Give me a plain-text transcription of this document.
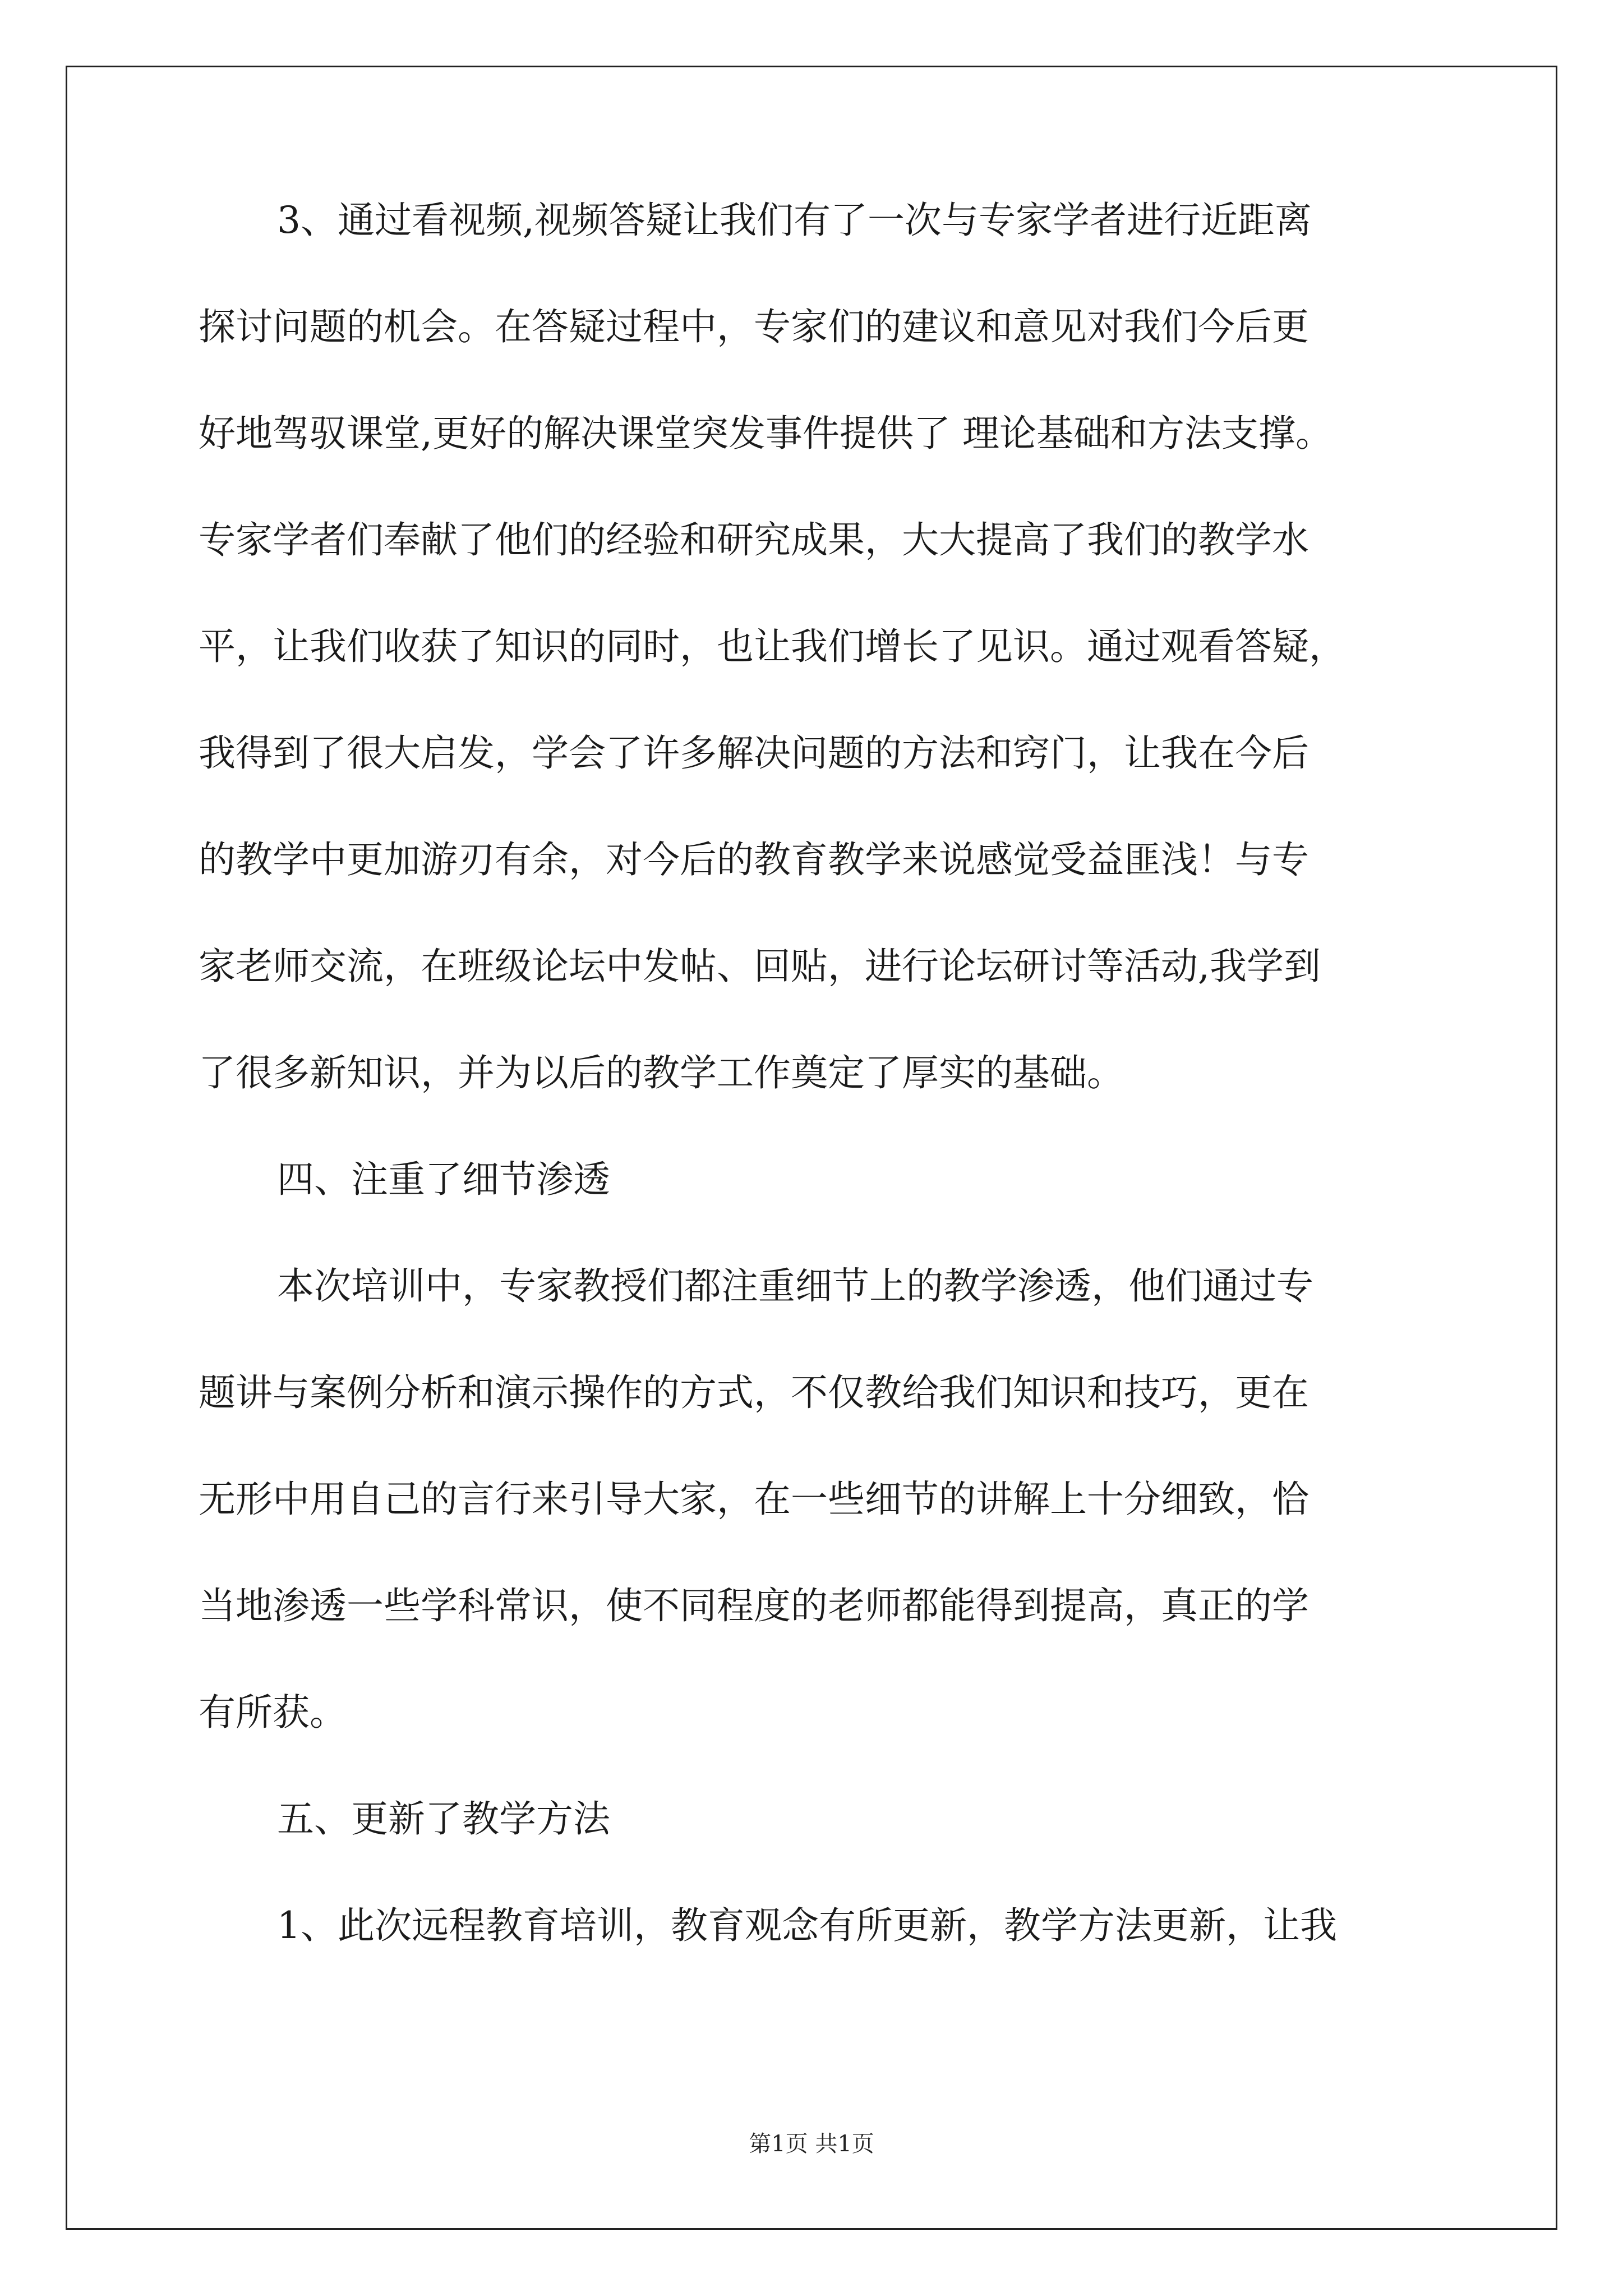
3、通过看视频,视频答疑让我们有了一次与专家学者进行近距离
探讨问题的机会。在答疑过程中，专家们的建议和意见对我们今后更
好地驾驭课堂,更好的解决课堂突发事件提供了 理论基础和方法支撑。
专家学者们奉献了他们的经验和研究成果，大大提高了我们的教学水
平，让我们收获了知识的同时，也让我们增长了见识。通过观看答疑，
我得到了很大启发，学会了许多解决问题的方法和窍门，让我在今后
的教学中更加游刃有余，对今后的教育教学来说感觉受益匪浅！与专
家老师交流，在班级论坛中发帖、回贴，进行论坛研讨等活动,我学到
了很多新知识，并为以后的教学工作奠定了厚实的基础。
四、注重了细节渗透
本次培训中，专家教授们都注重细节上的教学渗透，他们通过专
题讲与案例分析和演示操作的方式，不仅教给我们知识和技巧，更在
无形中用自己的言行来引导大家，在一些细节的讲解上十分细致，恰
当地渗透一些学科常识，使不同程度的老师都能得到提高，真正的学
有所获。
五、更新了教学方法
1、此次远程教育培训，教育观念有所更新，教学方法更新，让我
第1页 共1页
